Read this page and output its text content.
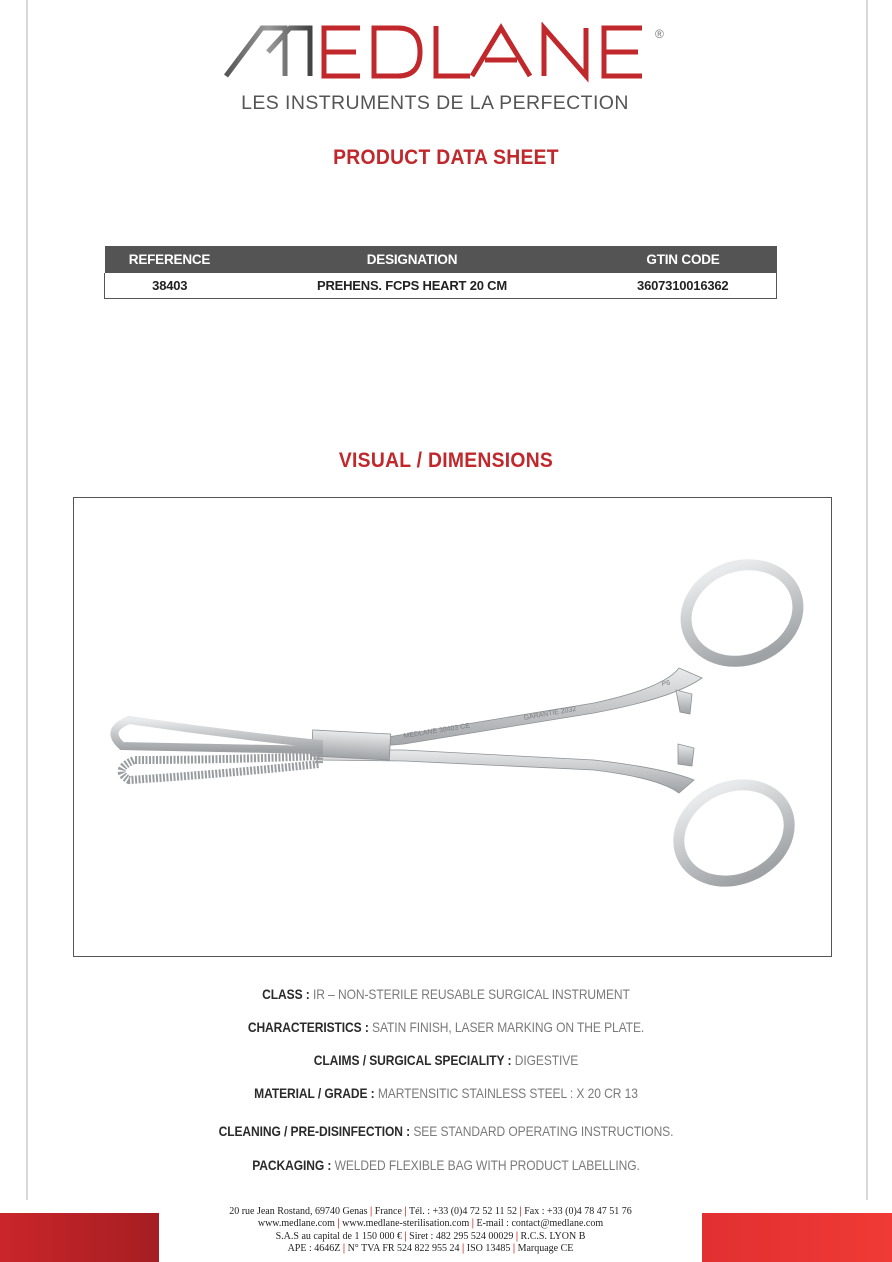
®
LES INSTRUMENTS DE LA PERFECTION
PRODUCT DATA SHEET
REFERENCE	DESIGNATION	GTIN CODE
38403	PREHENS. FCPS HEART 20 CM	3607310016362
VISUAL / DIMENSIONS
MEDLANE 38403 CE
GARANTIE 2032
P6
CLASS : IR – NON-STERILE REUSABLE SURGICAL INSTRUMENT
CHARACTERISTICS : SATIN FINISH, LASER MARKING ON THE PLATE.
CLAIMS / SURGICAL SPECIALITY : DIGESTIVE
MATERIAL / GRADE : MARTENSITIC STAINLESS STEEL : X 20 CR 13
CLEANING / PRE-DISINFECTION : SEE STANDARD OPERATING INSTRUCTIONS.
PACKAGING : WELDED FLEXIBLE BAG WITH PRODUCT LABELLING.
20 rue Jean Rostand, 69740 Genas | France | Tél. : +33 (0)4 72 52 11 52 | Fax : +33 (0)4 78 47 51 76
www.medlane.com | www.medlane-sterilisation.com | E-mail : contact@medlane.com
S.A.S au capital de 1 150 000 € | Siret : 482 295 524 00029 | R.C.S. LYON B
APE : 4646Z | N° TVA FR 524 822 955 24 | ISO 13485 | Marquage CE
